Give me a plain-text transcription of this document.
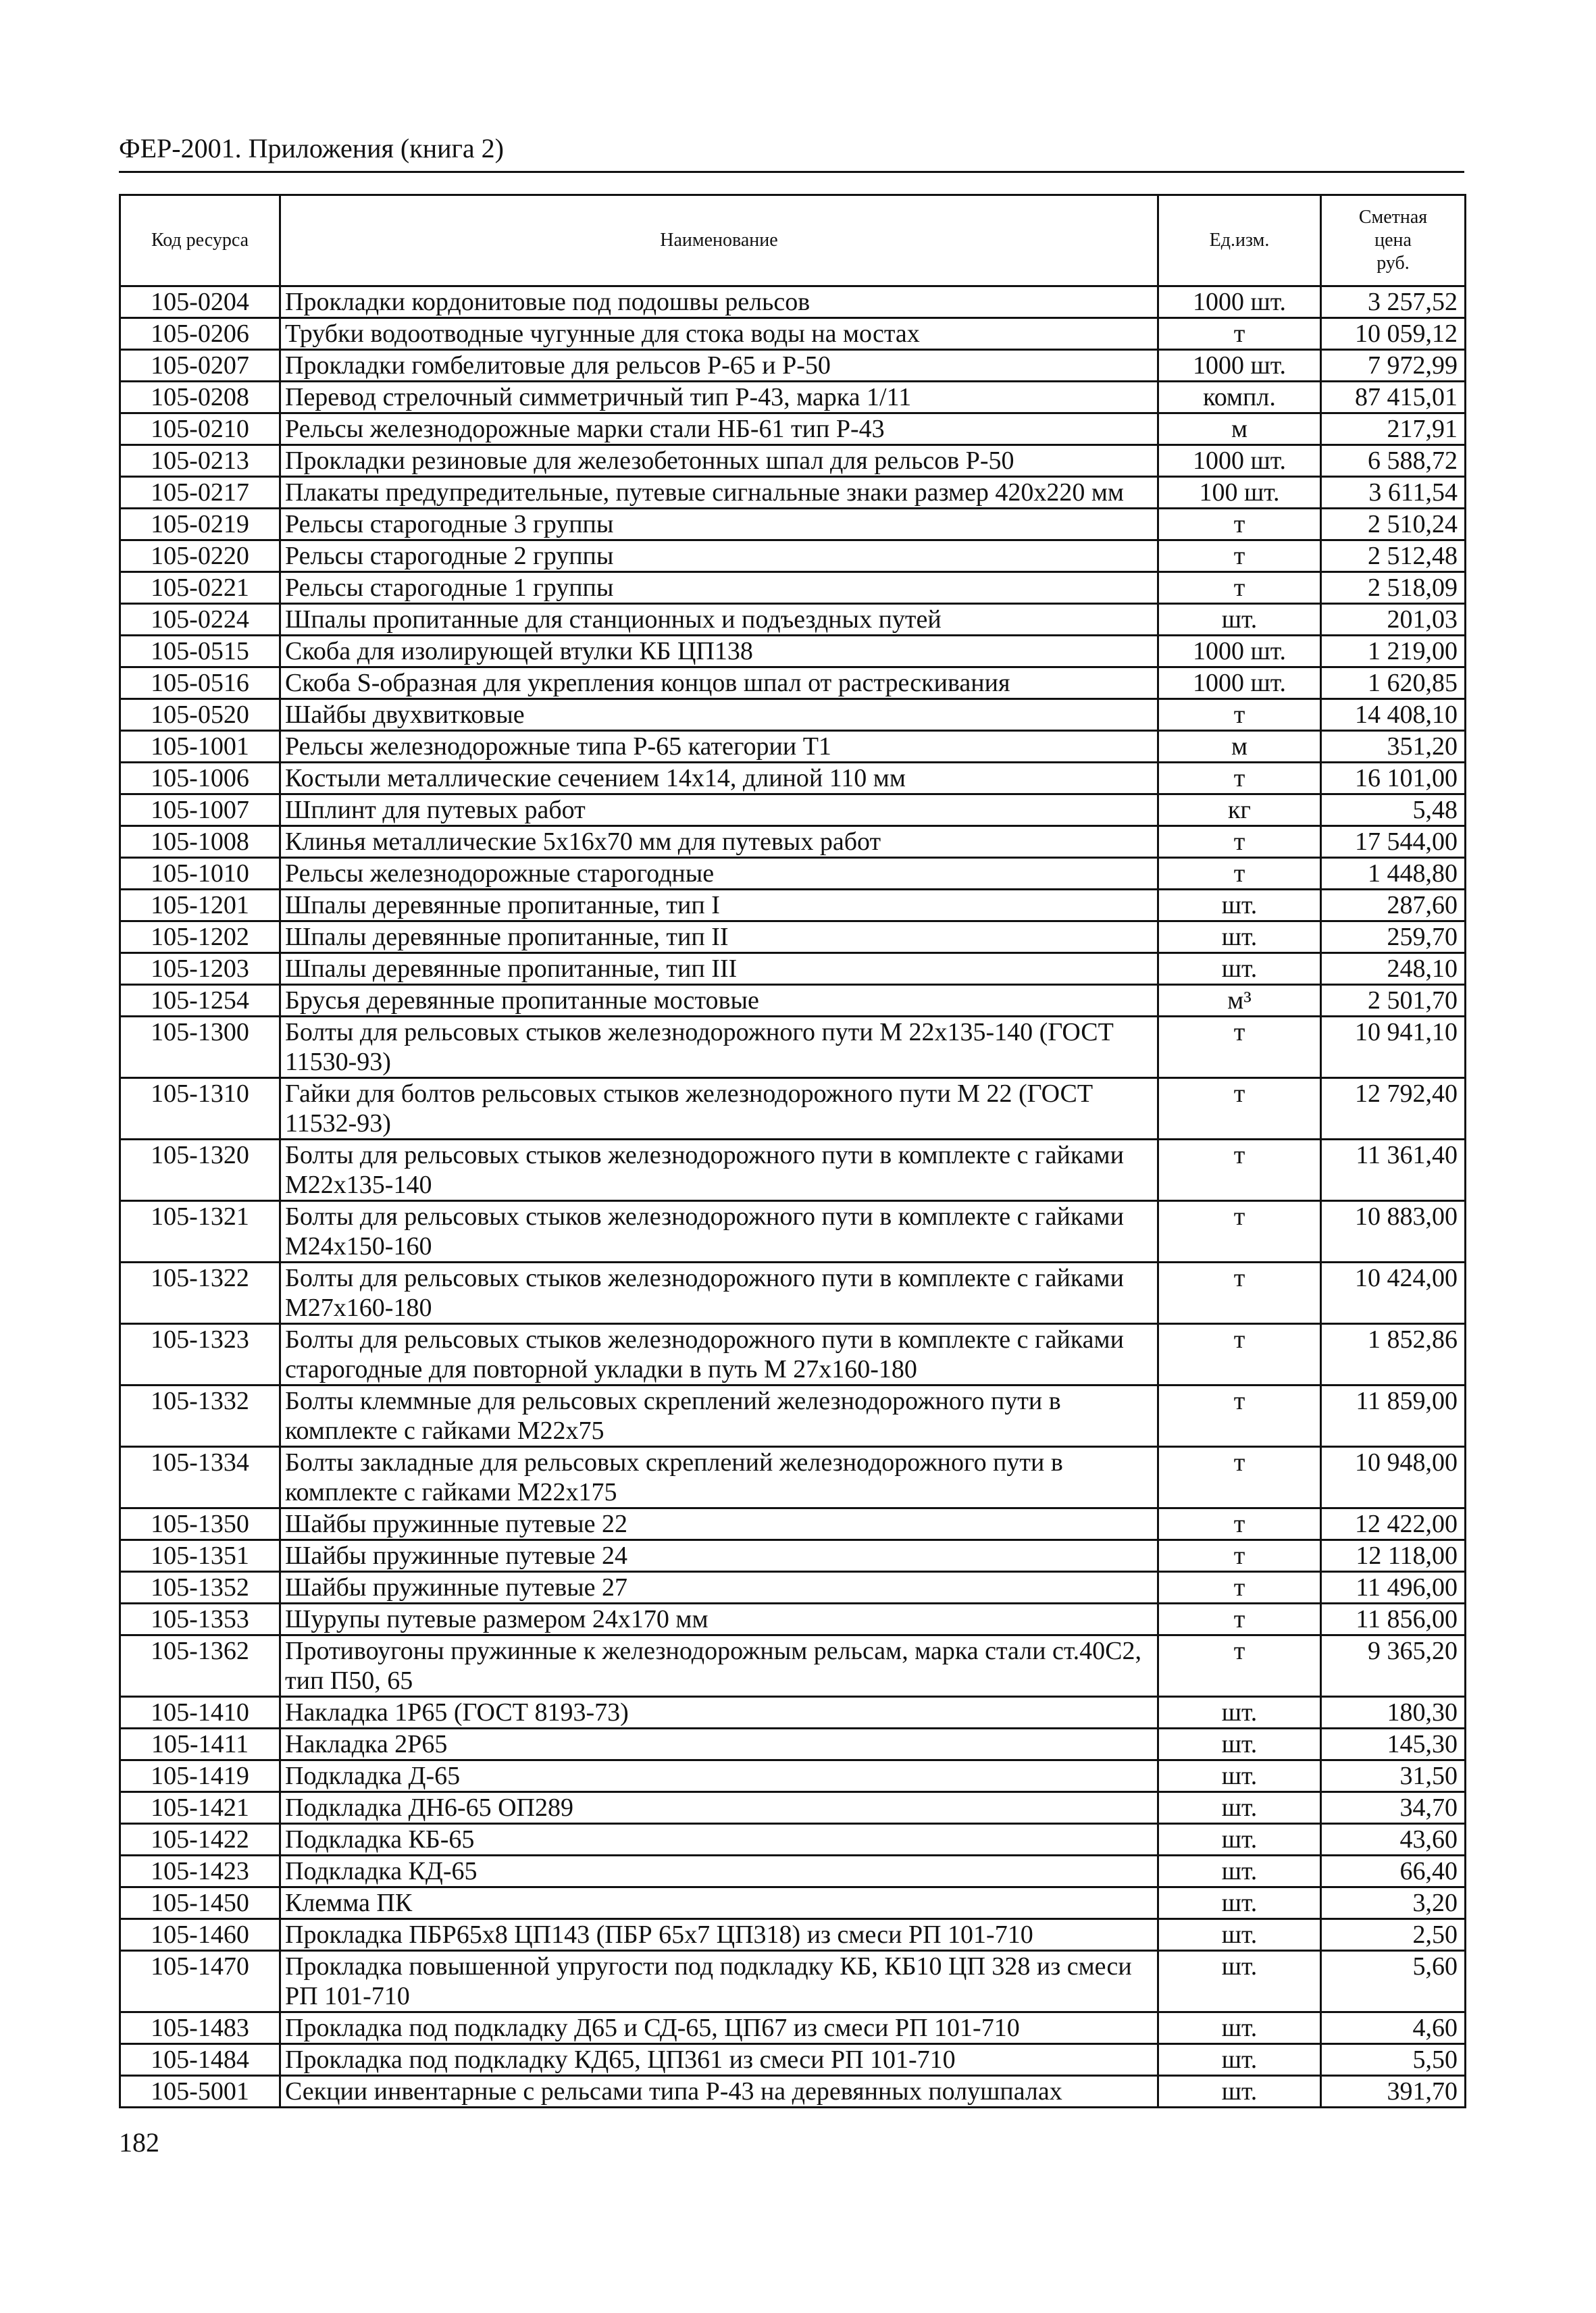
ФЕР-2001. Приложения (книга 2)
Код ресурса	Наименование	Ед.изм.	Сметная
цена
руб.
105-0204	Прокладки кордонитовые под подошвы рельсов	1000 шт.	3 257,52
105-0206	Трубки водоотводные чугунные для стока воды на мостах	т	10 059,12
105-0207	Прокладки гомбелитовые для рельсов Р-65 и Р-50	1000 шт.	7 972,99
105-0208	Перевод стрелочный симметричный тип Р-43, марка 1/11	компл.	87 415,01
105-0210	Рельсы железнодорожные марки стали НБ-61 тип Р-43	м	217,91
105-0213	Прокладки резиновые для железобетонных шпал для рельсов Р-50	1000 шт.	6 588,72
105-0217	Плакаты предупредительные, путевые сигнальные знаки размер 420х220 мм	100 шт.	3 611,54
105-0219	Рельсы старогодные 3 группы	т	2 510,24
105-0220	Рельсы старогодные 2 группы	т	2 512,48
105-0221	Рельсы старогодные 1 группы	т	2 518,09
105-0224	Шпалы пропитанные для станционных и подъездных путей	шт.	201,03
105-0515	Скоба для изолирующей втулки КБ ЦП138	1000 шт.	1 219,00
105-0516	Скоба S-образная для укрепления концов шпал от растрескивания	1000 шт.	1 620,85
105-0520	Шайбы двухвитковые	т	14 408,10
105-1001	Рельсы железнодорожные типа Р-65 категории Т1	м	351,20
105-1006	Костыли металлические сечением 14х14, длиной 110 мм	т	16 101,00
105-1007	Шплинт для путевых работ	кг	5,48
105-1008	Клинья металлические 5х16х70 мм для путевых работ	т	17 544,00
105-1010	Рельсы железнодорожные старогодные	т	1 448,80
105-1201	Шпалы деревянные пропитанные, тип I	шт.	287,60
105-1202	Шпалы деревянные пропитанные, тип II	шт.	259,70
105-1203	Шпалы деревянные пропитанные, тип III	шт.	248,10
105-1254	Брусья деревянные пропитанные мостовые	м³	2 501,70
105-1300	Болты для рельсовых стыков железнодорожного пути М 22х135-140 (ГОСТ 11530-93)	т	10 941,10
105-1310	Гайки для болтов рельсовых стыков железнодорожного пути М 22 (ГОСТ 11532-93)	т	12 792,40
105-1320	Болты для рельсовых стыков железнодорожного пути в комплекте с гайками М22х135-140	т	11 361,40
105-1321	Болты для рельсовых стыков железнодорожного пути в комплекте с гайками М24х150-160	т	10 883,00
105-1322	Болты для рельсовых стыков железнодорожного пути в комплекте с гайками М27х160-180	т	10 424,00
105-1323	Болты для рельсовых стыков железнодорожного пути в комплекте с гайками старогодные для повторной укладки в путь М 27х160-180	т	1 852,86
105-1332	Болты клеммные для рельсовых скреплений железнодорожного пути в комплекте с гайками М22х75	т	11 859,00
105-1334	Болты закладные для рельсовых скреплений железнодорожного пути в комплекте с гайками М22х175	т	10 948,00
105-1350	Шайбы пружинные путевые 22	т	12 422,00
105-1351	Шайбы пружинные путевые 24	т	12 118,00
105-1352	Шайбы пружинные путевые 27	т	11 496,00
105-1353	Шурупы путевые размером 24х170 мм	т	11 856,00
105-1362	Противоугоны пружинные к железнодорожным рельсам, марка стали ст.40С2, тип П50, 65	т	9 365,20
105-1410	Накладка 1Р65 (ГОСТ 8193-73)	шт.	180,30
105-1411	Накладка 2Р65	шт.	145,30
105-1419	Подкладка Д-65	шт.	31,50
105-1421	Подкладка ДН6-65 ОП289	шт.	34,70
105-1422	Подкладка КБ-65	шт.	43,60
105-1423	Подкладка КД-65	шт.	66,40
105-1450	Клемма ПК	шт.	3,20
105-1460	Прокладка ПБР65х8 ЦП143 (ПБР 65х7 ЦП318) из смеси РП 101-710	шт.	2,50
105-1470	Прокладка повышенной упругости под подкладку КБ, КБ10 ЦП 328 из смеси РП 101-710	шт.	5,60
105-1483	Прокладка под подкладку Д65 и СД-65, ЦП67 из смеси РП 101-710	шт.	4,60
105-1484	Прокладка под подкладку КД65, ЦП361 из смеси РП 101-710	шт.	5,50
105-5001	Секции инвентарные с рельсами типа Р-43 на деревянных полушпалах	шт.	391,70
182
